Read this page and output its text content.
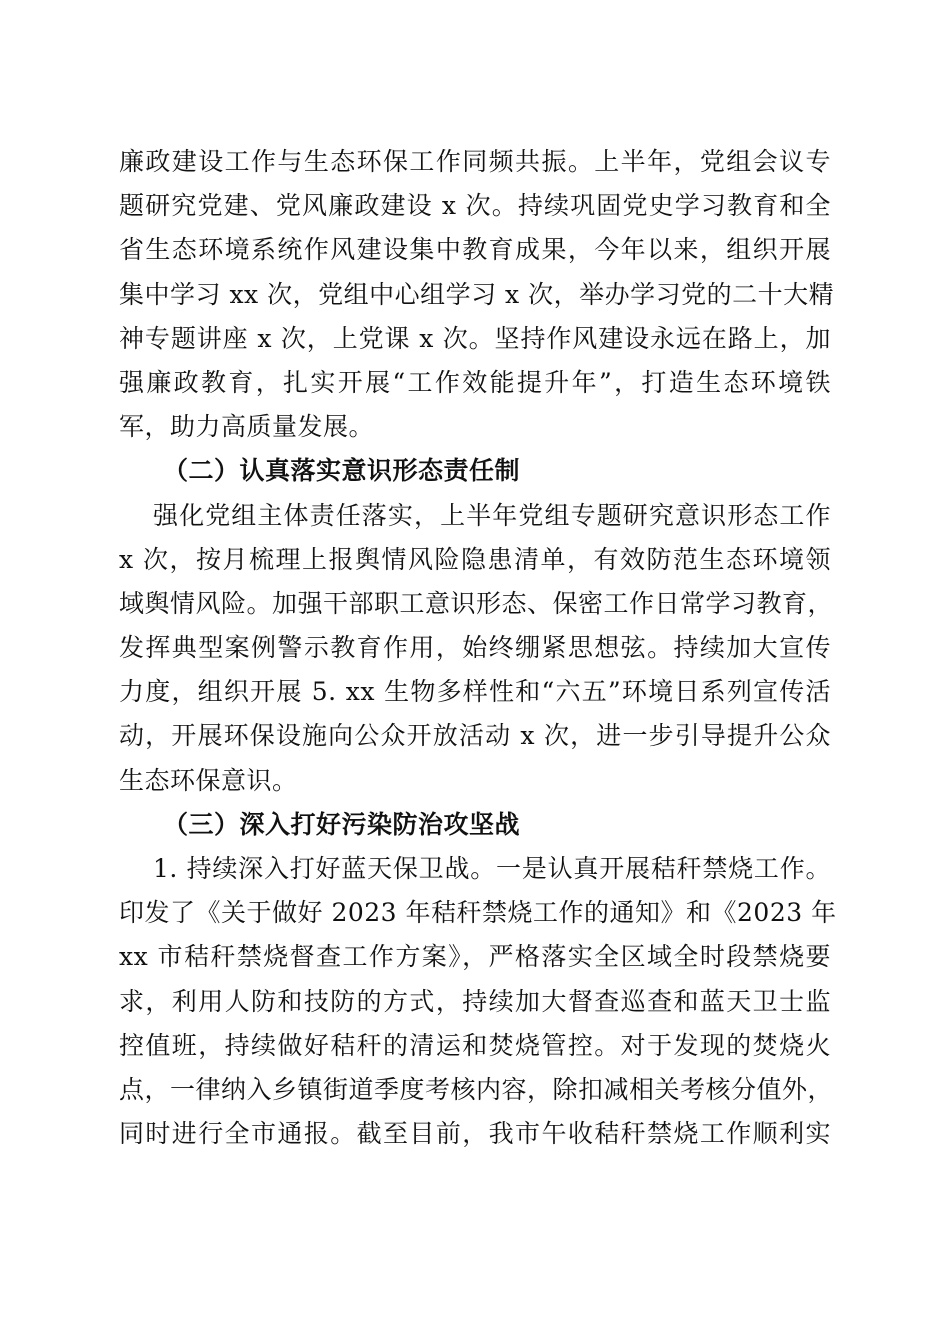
廉政建设工作与生态环保工作同频共振。上半年，党组会议专
题研究党建、党风廉政建设 x 次。持续巩固党史学习教育和全
省生态环境系统作风建设集中教育成果，今年以来，组织开展
集中学习 xx 次，党组中心组学习 x 次，举办学习党的二十大精
神专题讲座 x 次，上党课 x 次。坚持作风建设永远在路上，加
强廉政教育，扎实开展“工作效能提升年”，打造生态环境铁
军，助力高质量发展。
（二）认真落实意识形态责任制
强化党组主体责任落实，上半年党组专题研究意识形态工作
x 次，按月梳理上报舆情风险隐患清单，有效防范生态环境领
域舆情风险。加强干部职工意识形态、保密工作日常学习教育，
发挥典型案例警示教育作用，始终绷紧思想弦。持续加大宣传
力度，组织开展 5. xx 生物多样性和“六五”环境日系列宣传活
动，开展环保设施向公众开放活动 x 次，进一步引导提升公众
生态环保意识。
（三）深入打好污染防治攻坚战
1. 持续深入打好蓝天保卫战。一是认真开展秸秆禁烧工作。
印发了《关于做好 2023 年秸秆禁烧工作的通知》和《2023 年
xx 市秸秆禁烧督查工作方案》，严格落实全区域全时段禁烧要
求，利用人防和技防的方式，持续加大督查巡查和蓝天卫士监
控值班，持续做好秸秆的清运和焚烧管控。对于发现的焚烧火
点，一律纳入乡镇街道季度考核内容，除扣减相关考核分值外，
同时进行全市通报。截至目前，我市午收秸秆禁烧工作顺利实
